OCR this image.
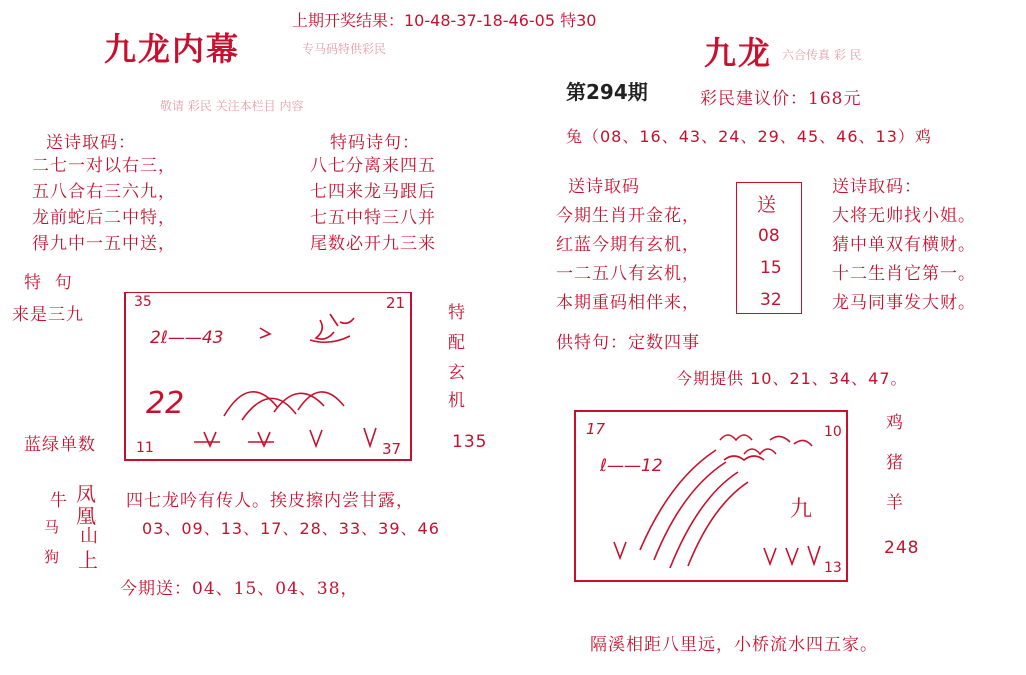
上期开奖结果：10-48-37-18-46-05 特30
九龙内幕	专马码特供彩民
敬请 彩民 关注本栏目 内容
送诗取码：
二七一对以右三，
五八合右三六九，
龙前蛇后二中特，
得九中一五中送，
特码诗句：
八七分离来四五
七四来龙马跟后
七五中特三八并
尾数必开九三来
特  句
来是三九
35	21
2ℓ——43
22
11	37
特
配
玄
机
蓝绿单数	135
牛
马
狗
凤
凰
山
上
四七龙吟有传人。挨皮擦内尝甘露，
03、09、13、17、28、33、39、46
今期送：04、15、04、38，
九龙 六合传真 彩 民
第294期	彩民建议价：168元
兔（08、16、43、24、29、45、46、13）鸡
送诗取码
今期生肖开金花，
红蓝今期有玄机，
一二五八有玄机，
本期重码相伴来，
送
08
15
32
送诗取码：
大将无帅找小姐。
猜中单双有横财。
十二生肖它第一。
龙马同事发大财。
供特句：定数四事
今期提供 10、21、34、47。
17	10
ℓ——12
九
13
鸡
猪
羊
248
隔溪相距八里远，小桥流水四五家。
